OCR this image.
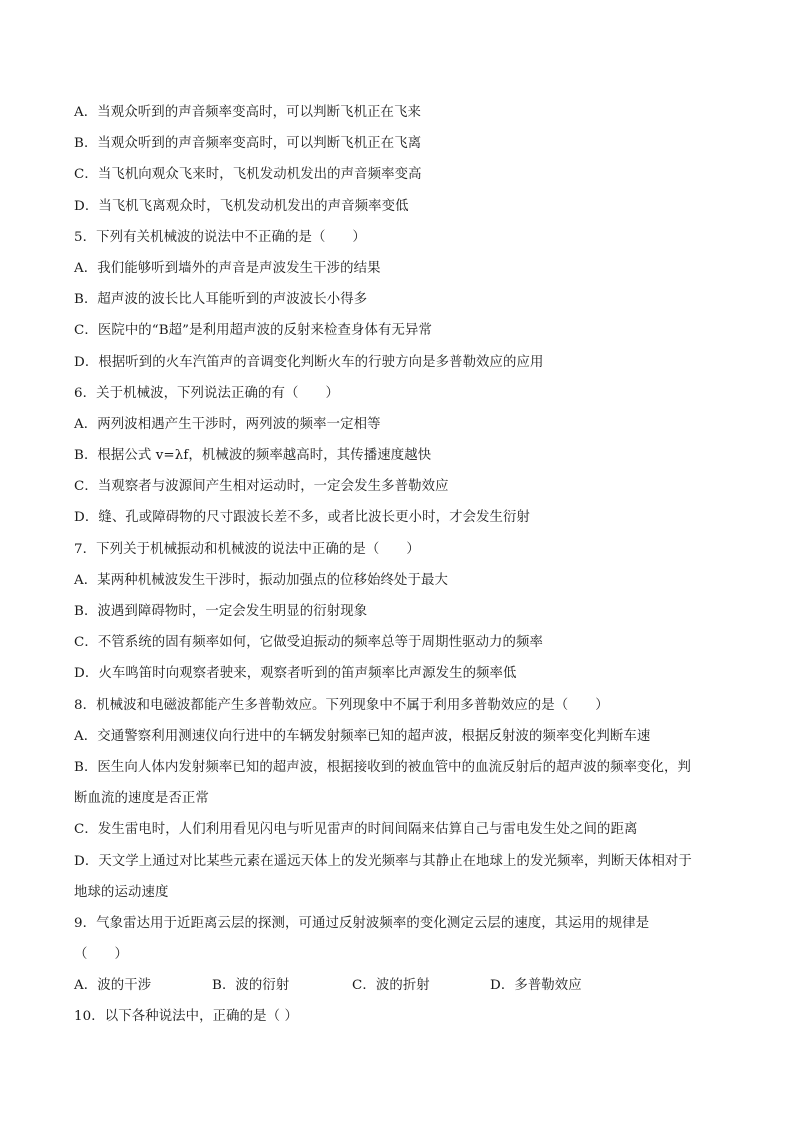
A．当观众听到的声音频率变高时，可以判断飞机正在飞来
B．当观众听到的声音频率变高时，可以判断飞机正在飞离
C．当飞机向观众飞来时，飞机发动机发出的声音频率变高
D．当飞机飞离观众时，飞机发动机发出的声音频率变低
5．下列有关机械波的说法中不正确的是（　　）
A．我们能够听到墙外的声音是声波发生干涉的结果
B．超声波的波长比人耳能听到的声波波长小得多
C．医院中的“B超”是利用超声波的反射来检查身体有无异常
D．根据听到的火车汽笛声的音调变化判断火车的行驶方向是多普勒效应的应用
6．关于机械波，下列说法正确的有（　　）
A．两列波相遇产生干涉时，两列波的频率一定相等
B．根据公式 v=λf，机械波的频率越高时，其传播速度越快
C．当观察者与波源间产生相对运动时，一定会发生多普勒效应
D．缝、孔或障碍物的尺寸跟波长差不多，或者比波长更小时，才会发生衍射
7．下列关于机械振动和机械波的说法中正确的是（　　）
A．某两种机械波发生干涉时，振动加强点的位移始终处于最大
B．波遇到障碍物时，一定会发生明显的衍射现象
C．不管系统的固有频率如何，它做受迫振动的频率总等于周期性驱动力的频率
D．火车鸣笛时向观察者驶来，观察者听到的笛声频率比声源发生的频率低
8．机械波和电磁波都能产生多普勒效应。下列现象中不属于利用多普勒效应的是（　　）
A．交通警察利用测速仪向行进中的车辆发射频率已知的超声波，根据反射波的频率变化判断车速
B．医生向人体内发射频率已知的超声波，根据接收到的被血管中的血流反射后的超声波的频率变化，判
断血流的速度是否正常
C．发生雷电时，人们利用看见闪电与听见雷声的时间间隔来估算自己与雷电发生处之间的距离
D．天文学上通过对比某些元素在遥远天体上的发光频率与其静止在地球上的发光频率，判断天体相对于
地球的运动速度
9．气象雷达用于近距离云层的探测，可通过反射波频率的变化测定云层的速度，其运用的规律是
（　　）
A．波的干涉	B．波的衍射	C．波的折射	D．多普勒效应
10．以下各种说法中，正确的是（ ）
